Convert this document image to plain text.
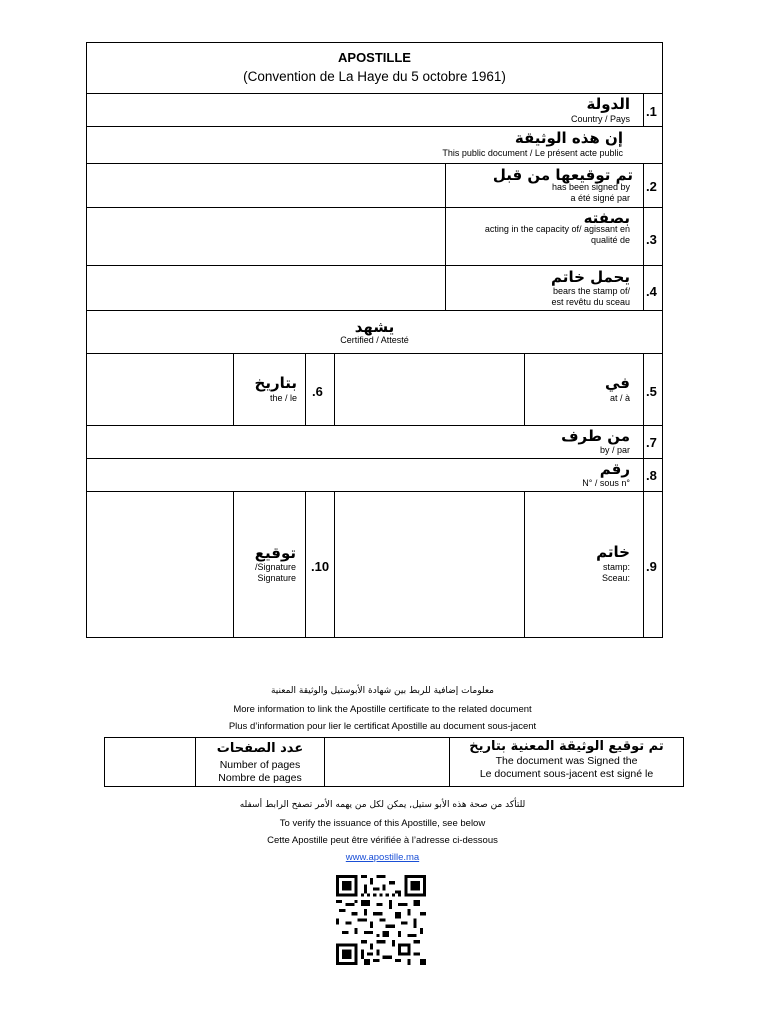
APOSTILLE
(Convention de La Haye du 5 octobre 1961)
الدولة
Country / Pays .1
إن هذه الوثيقة
This public document / Le présent acte public
تم توقيعها من قبل
has been signed by
a été signé par
.2
بصفته
acting in the capacity of/ agissant en
qualité de .3
يحمل خاتم
bears the stamp of/
est revêtu du sceau
.4
يشهد
Certified / Attesté
في
at / à .5
بتاريخ
the / le .6
من طرف
by / par .7
رقم
N° / sous n° .8
خاتم
stamp:
Sceau:
.9
توقيع
/Signature
Signature
.10
معلومات إضافية للربط بين شهادة الأبوستيل والوثيقة المعنية
More information to link the Apostille certificate to the related document
Plus d’information pour lier le certificat Apostille au document sous-jacent
تم توقيع الوثيقة المعنية بتاريخ
The document was Signed the
Le document sous-jacent est signé le
عدد الصفحات
Number of pages
Nombre de pages
للتأكد من صحة هذه الأبو ستيل, يمكن لكل من يهمه الأمر تصفح الرابط أسفله
To verify the issuance of this Apostille, see below
Cette Apostille peut être vérifiée à l’adresse ci-dessous
www.apostille.ma
